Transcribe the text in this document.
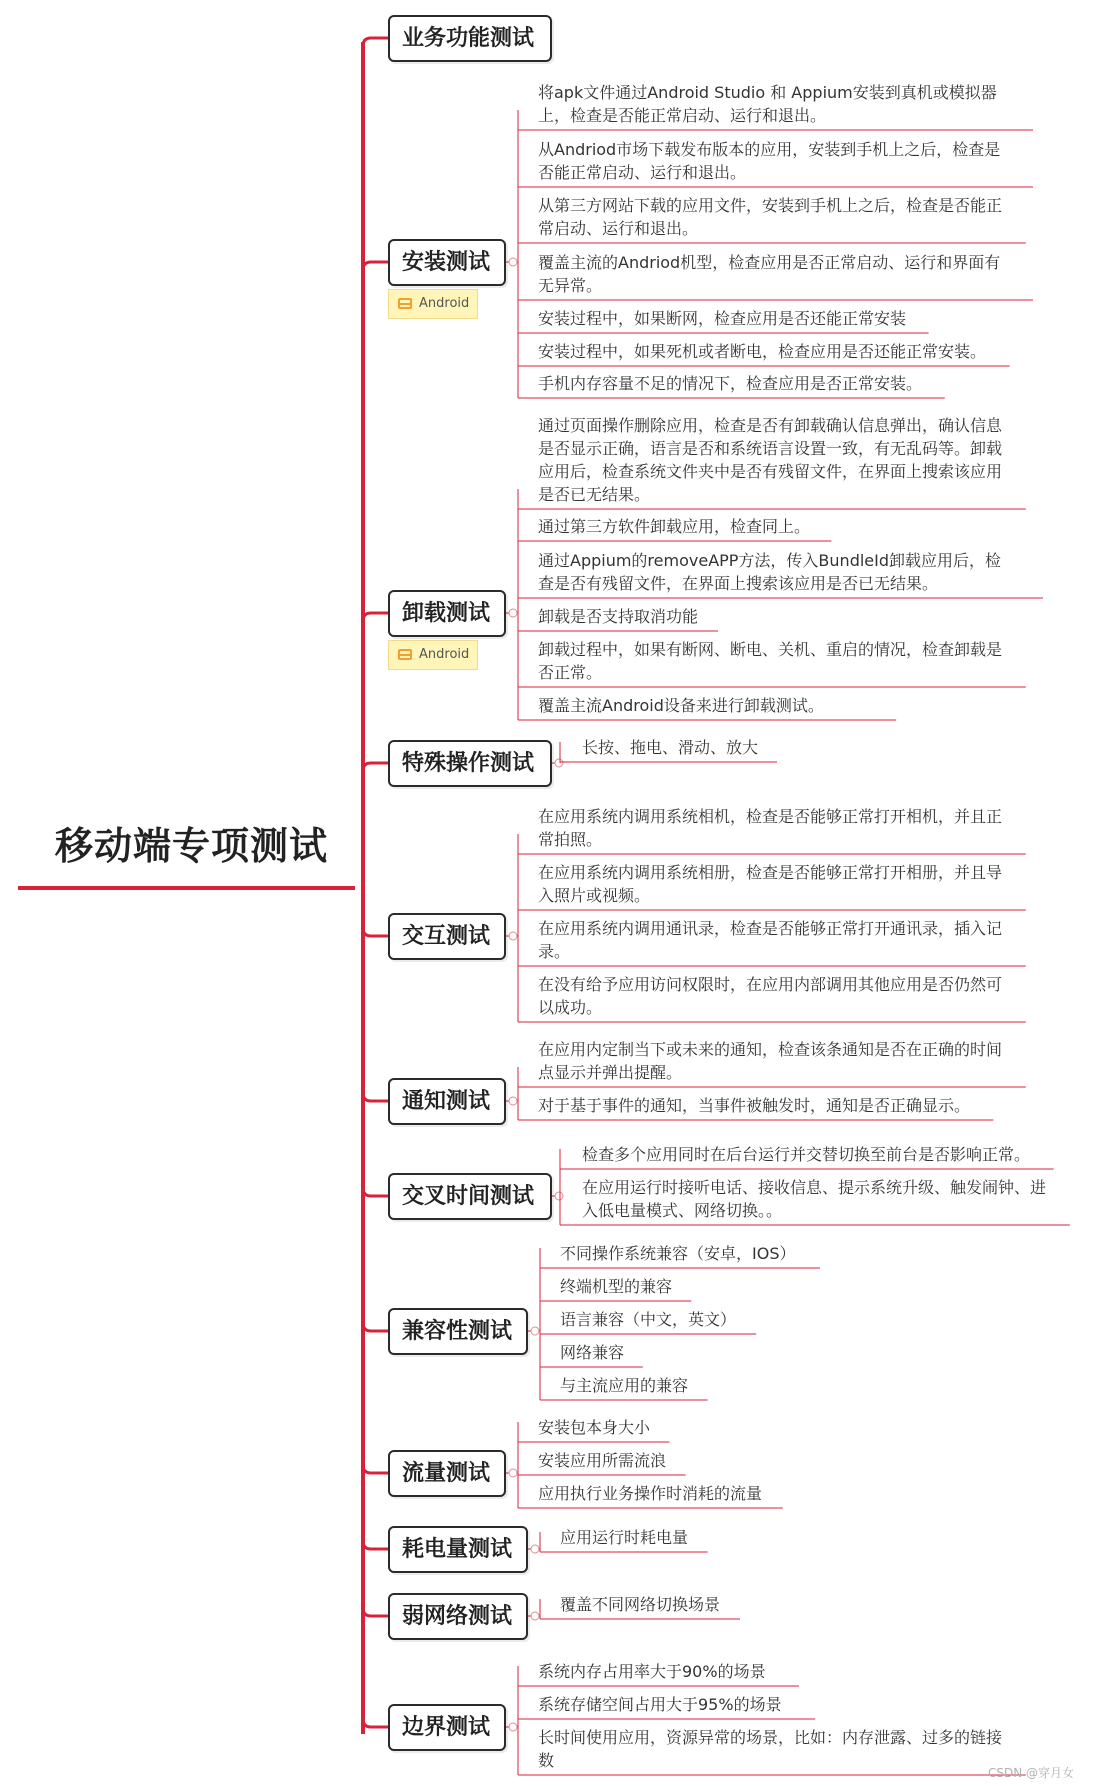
移动端专项测试
业务功能测试
安装测试
Android
将apk文件通过Android Studio 和 Appium安装到真机或模拟器
上，检查是否能正常启动、运行和退出。
从Andriod市场下载发布版本的应用，安装到手机上之后，检查是
否能正常启动、运行和退出。
从第三方网站下载的应用文件，安装到手机上之后，检查是否能正
常启动、运行和退出。
覆盖主流的Andriod机型，检查应用是否正常启动、运行和界面有
无异常。
安装过程中，如果断网，检查应用是否还能正常安装
安装过程中，如果死机或者断电，检查应用是否还能正常安装。
手机内存容量不足的情况下，检查应用是否正常安装。
卸载测试
Android
通过页面操作删除应用，检查是否有卸载确认信息弹出，确认信息
是否显示正确，语言是否和系统语言设置一致，有无乱码等。卸载
应用后，检查系统文件夹中是否有残留文件，在界面上搜索该应用
是否已无结果。
通过第三方软件卸载应用，检查同上。
通过Appium的removeAPP方法，传入BundleId卸载应用后，检
查是否有残留文件，在界面上搜索该应用是否已无结果。
卸载是否支持取消功能
卸载过程中，如果有断网、断电、关机、重启的情况，检查卸载是
否正常。
覆盖主流Android设备来进行卸载测试。
特殊操作测试
长按、拖电、滑动、放大
交互测试
在应用系统内调用系统相机，检查是否能够正常打开相机，并且正
常拍照。
在应用系统内调用系统相册，检查是否能够正常打开相册，并且导
入照片或视频。
在应用系统内调用通讯录，检查是否能够正常打开通讯录，插入记
录。
在没有给予应用访问权限时，在应用内部调用其他应用是否仍然可
以成功。
通知测试
在应用内定制当下或未来的通知，检查该条通知是否在正确的时间
点显示并弹出提醒。
对于基于事件的通知，当事件被触发时，通知是否正确显示。
交叉时间测试
检查多个应用同时在后台运行并交替切换至前台是否影响正常。
在应用运行时接听电话、接收信息、提示系统升级、触发闹钟、进
入低电量模式、网络切换。。
兼容性测试
不同操作系统兼容（安卓，IOS）
终端机型的兼容
语言兼容（中文，英文）
网络兼容
与主流应用的兼容
流量测试
安装包本身大小
安装应用所需流浪
应用执行业务操作时消耗的流量
耗电量测试	应用运行时耗电量
弱网络测试	覆盖不同网络切换场景
边界测试
系统内存占用率大于90%的场景
系统存储空间占用大于95%的场景
长时间使用应用，资源异常的场景，比如：内存泄露、过多的链接
数
CSDN @穿月女
